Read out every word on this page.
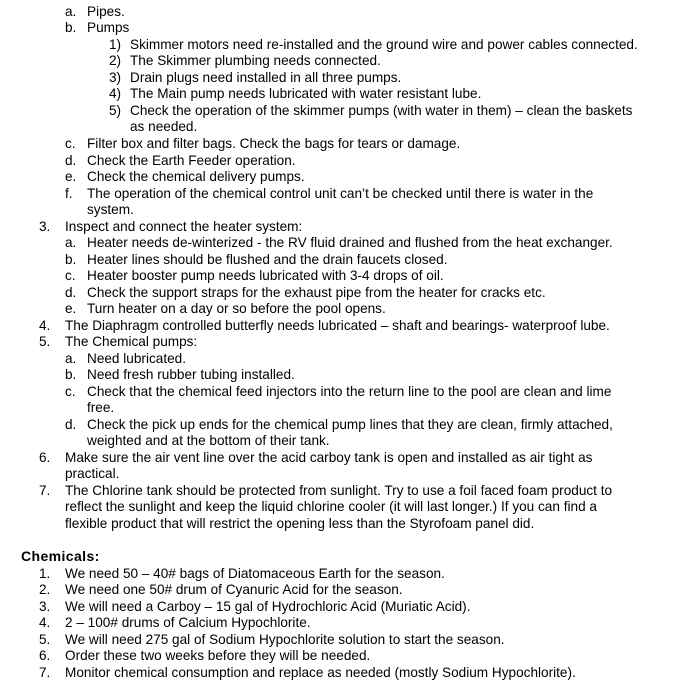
a. Pipes.
b. Pumps
1) Skimmer motors need re-installed and the ground wire and power cables connected.
2) The Skimmer plumbing needs connected.
3) Drain plugs need installed in all three pumps.
4) The Main pump needs lubricated with water resistant lube.
5) Check the operation of the skimmer pumps (with water in them) – clean the baskets
as needed.
c. Filter box and filter bags. Check the bags for tears or damage.
d. Check the Earth Feeder operation.
e. Check the chemical delivery pumps.
f. The operation of the chemical control unit can’t be checked until there is water in the
system.
3. Inspect and connect the heater system:
a. Heater needs de-winterized - the RV fluid drained and flushed from the heat exchanger.
b. Heater lines should be flushed and the drain faucets closed.
c. Heater booster pump needs lubricated with 3-4 drops of oil.
d. Check the support straps for the exhaust pipe from the heater for cracks etc.
e. Turn heater on a day or so before the pool opens.
4. The Diaphragm controlled butterfly needs lubricated – shaft and bearings- waterproof lube.
5. The Chemical pumps:
a. Need lubricated.
b. Need fresh rubber tubing installed.
c. Check that the chemical feed injectors into the return line to the pool are clean and lime
free.
d. Check the pick up ends for the chemical pump lines that they are clean, firmly attached,
weighted and at the bottom of their tank.
6. Make sure the air vent line over the acid carboy tank is open and installed as air tight as
practical.
7. The Chlorine tank should be protected from sunlight. Try to use a foil faced foam product to
reflect the sunlight and keep the liquid chlorine cooler (it will last longer.) If you can find a
flexible product that will restrict the opening less than the Styrofoam panel did.
Chemicals:
1. We need 50 – 40# bags of Diatomaceous Earth for the season.
2. We need one 50# drum of Cyanuric Acid for the season.
3. We will need a Carboy – 15 gal of Hydrochloric Acid (Muriatic Acid).
4. 2 – 100# drums of Calcium Hypochlorite.
5. We will need 275 gal of Sodium Hypochlorite solution to start the season.
6. Order these two weeks before they will be needed.
7. Monitor chemical consumption and replace as needed (mostly Sodium Hypochlorite).
